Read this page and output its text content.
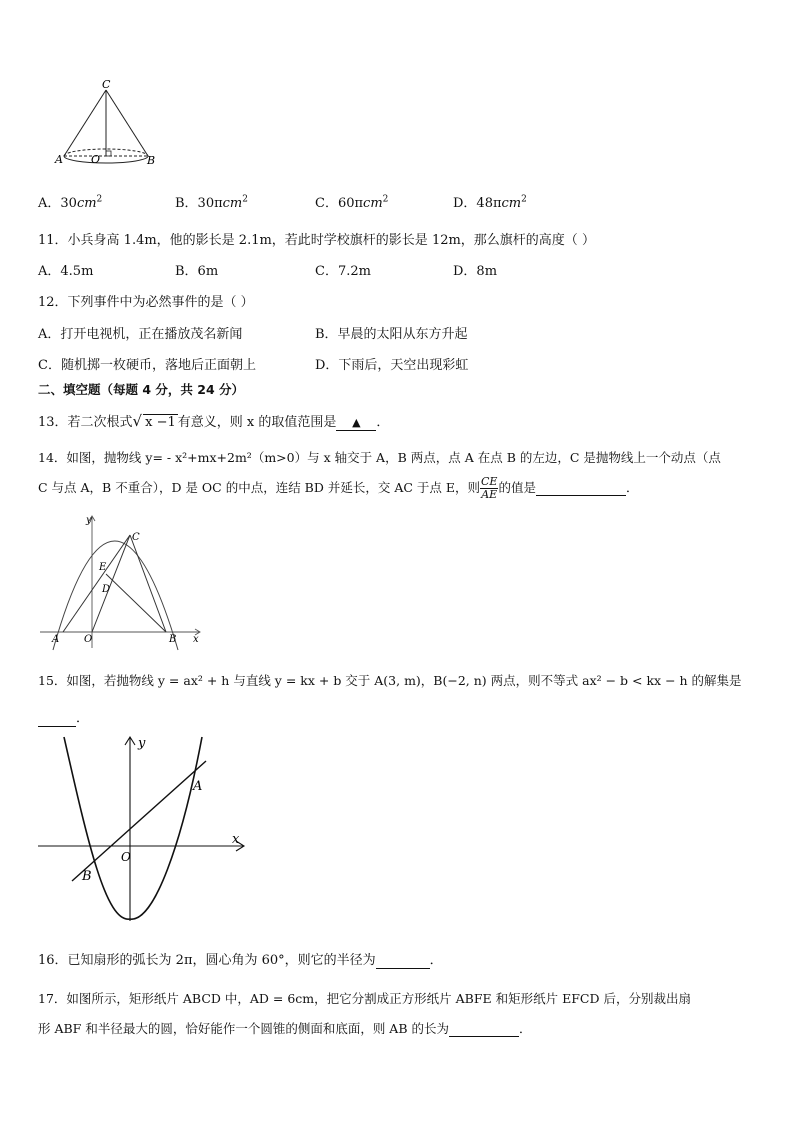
C
A	O	B
A．$30cm^2$	B．30πcm$^2$	C．60πcm$^2$	D．48πcm$^2$
11．小兵身高 1.4m，他的影长是 2.1m，若此时学校旗杆的影长是 12m，那么旗杆的高度（ ）
A．4.5m	B．6m	C．7.2m	D．8m
12．下列事件中为必然事件的是（ ）
A．打开电视机，正在播放茂名新闻	B．早晨的太阳从东方升起
C．随机掷一枚硬币，落地后正面朝上	D．下雨后，天空出现彩虹
二、填空题（每题 4 分，共 24 分）
13．若二次根式√ x −1 有意义，则 x 的取值范围是 ▲ ．
14．如图，抛物线 y= - x²+mx+2m²（m>0）与 x 轴交于 A，B 两点，点 A 在点 B 的左边，C 是抛物线上一个动点（点
C 与点 A，B 不重合），D 是 OC 的中点，连结 BD 并延长，交 AC 于点 E，则 $\frac{CE}{AE}$ 的值是	．
y
x
A O	B
C
D
E
15．如图，若抛物线 y = ax² + h 与直线 y = kx + b 交于 A(3, m)，B(−2, n) 两点，则不等式 ax² − b < kx − h 的解集是
．
y
x
O
A
B
16．已知扇形的弧长为 2π，圆心角为 60°，则它的半径为	．
17．如图所示，矩形纸片 ABCD 中，AD = 6cm，把它分割成正方形纸片 ABFE 和矩形纸片 EFCD 后，分别裁出扇
形 ABF 和半径最大的圆，恰好能作一个圆锥的侧面和底面，则 AB 的长为	．
